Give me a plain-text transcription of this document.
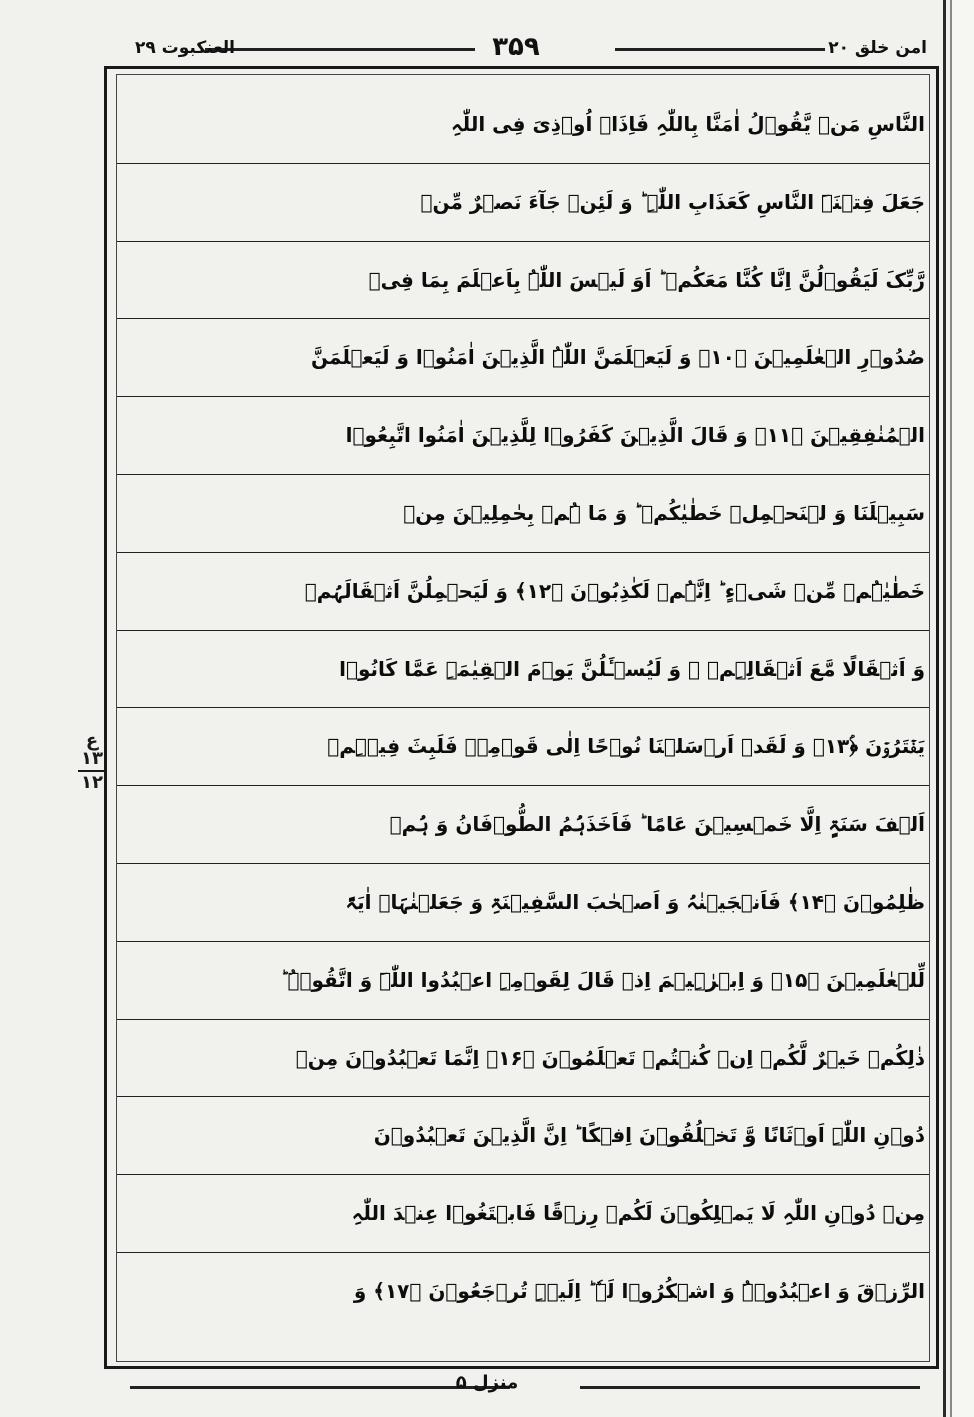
العنکبوت ۲۹	۳۵۹	امن خلق ۲۰
النَّاسِ مَنۡ یَّقُوۡلُ اٰمَنَّا بِاللّٰہِ فَاِذَاۤ اُوۡذِیَ فِی اللّٰہِ
جَعَلَ فِتۡنَۃَ النَّاسِ کَعَذَابِ اللّٰہِ ؕ وَ لَئِنۡ جَآءَ نَصۡرٌ مِّنۡ
رَّبِّکَ لَیَقُوۡلُنَّ اِنَّا کُنَّا مَعَکُمۡ ؕ اَوَ لَیۡسَ اللّٰہُ بِاَعۡلَمَ بِمَا فِیۡ
صُدُوۡرِ الۡعٰلَمِیۡنَ ﴿۱۰﴾ وَ لَیَعۡلَمَنَّ اللّٰہُ الَّذِیۡنَ اٰمَنُوۡا وَ لَیَعۡلَمَنَّ
الۡمُنٰفِقِیۡنَ ﴿۱۱﴾ وَ قَالَ الَّذِیۡنَ کَفَرُوۡا لِلَّذِیۡنَ اٰمَنُوا اتَّبِعُوۡا
سَبِیۡلَنَا وَ لۡنَحۡمِلۡ خَطٰیٰکُمۡ ؕ وَ مَا ہُمۡ بِحٰمِلِیۡنَ مِنۡ
خَطٰیٰہُمۡ مِّنۡ شَیۡءٍ ؕ اِنَّہُمۡ لَکٰذِبُوۡنَ ﴿۱۲﴾ وَ لَیَحۡمِلُنَّ اَثۡقَالَہُمۡ
وَ اَثۡقَالًا مَّعَ اَثۡقَالِہِمۡ ۫ وَ لَیُسۡـَٔلُنَّ یَوۡمَ الۡقِیٰمَۃِ عَمَّا کَانُوۡا
یَفۡتَرُوۡنَ ﴿ؑ۱۳﴾ وَ لَقَدۡ اَرۡسَلۡنَا نُوۡحًا اِلٰی قَوۡمِہٖ فَلَبِثَ فِیۡہِمۡ
اَلۡفَ سَنَۃٍ اِلَّا خَمۡسِیۡنَ عَامًا ؕ فَاَخَذَہُمُ الطُّوۡفَانُ وَ ہُمۡ
ظٰلِمُوۡنَ ﴿۱۴﴾ فَاَنۡجَیۡنٰہُ وَ اَصۡحٰبَ السَّفِیۡنَۃِ وَ جَعَلۡنٰہَاۤ اٰیَۃً
لِّلۡعٰلَمِیۡنَ ﴿۱۵﴾ وَ اِبۡرٰہِیۡمَ اِذۡ قَالَ لِقَوۡمِہِ اعۡبُدُوا اللّٰہَ وَ اتَّقُوۡہُ ؕ
ذٰلِکُمۡ خَیۡرٌ لَّکُمۡ اِنۡ کُنۡتُمۡ تَعۡلَمُوۡنَ ﴿۱۶﴾ اِنَّمَا تَعۡبُدُوۡنَ مِنۡ
دُوۡنِ اللّٰہِ اَوۡثَانًا وَّ تَخۡلُقُوۡنَ اِفۡکًا ؕ اِنَّ الَّذِیۡنَ تَعۡبُدُوۡنَ
مِنۡ دُوۡنِ اللّٰہِ لَا یَمۡلِکُوۡنَ لَکُمۡ رِزۡقًا فَابۡتَغُوۡا عِنۡدَ اللّٰہِ
الرِّزۡقَ وَ اعۡبُدُوۡہُ وَ اشۡکُرُوۡا لَہٗ ؕ اِلَیۡہِ تُرۡجَعُوۡنَ ﴿۱۷﴾ وَ
ع
۱۳
۱۲
منزل ۵
